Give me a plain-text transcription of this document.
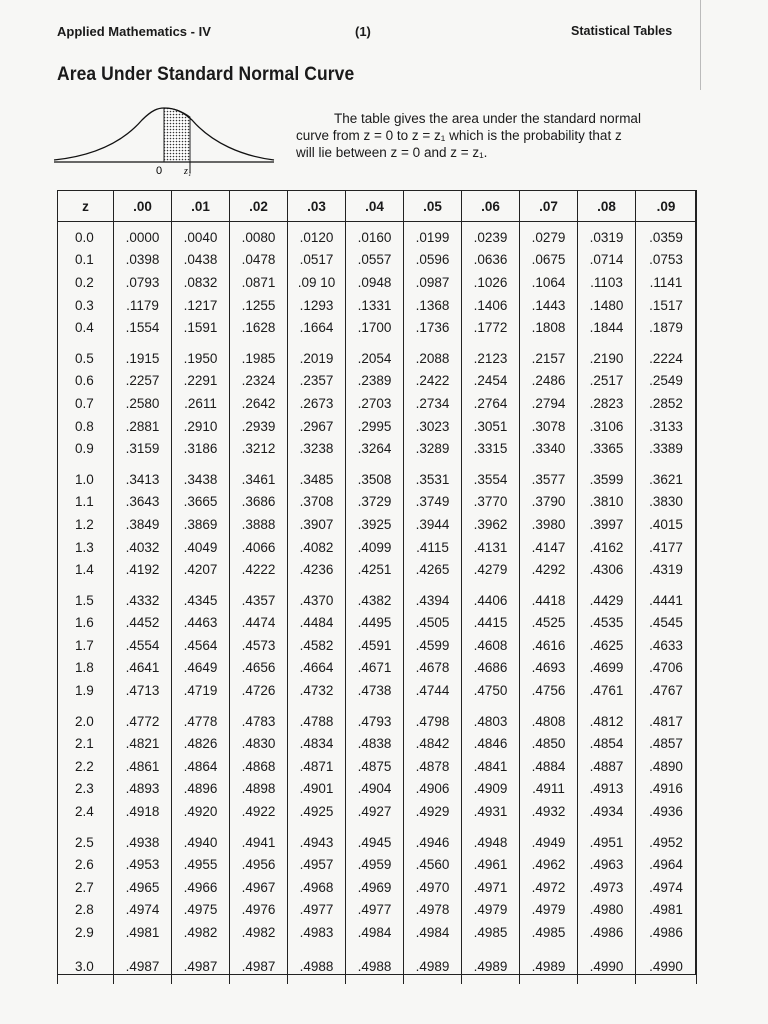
Applied Mathematics - IV	(1)	Statistical Tables
Area Under Standard Normal Curve
0 z₁
The table gives the area under the standard normal
curve from z = 0 to z = z₁ which is the probability that z
will lie between z = 0 and z = z₁.
z	.00	.01	.02	.03	.04	.05	.06	.07	.08	.09
0.0	.0000	.0040	.0080	.0120	.0160	.0199	.0239	.0279	.0319	.0359
0.1	.0398	.0438	.0478	.0517	.0557	.0596	.0636	.0675	.0714	.0753
0.2	.0793	.0832	.0871	.09 10	.0948	.0987	.1026	.1064	.1103	.1141
0.3	.1179	.1217	.1255	.1293	.1331	.1368	.1406	.1443	.1480	.1517
0.4	.1554	.1591	.1628	.1664	.1700	.1736	.1772	.1808	.1844	.1879
0.5	.1915	.1950	.1985	.2019	.2054	.2088	.2123	.2157	.2190	.2224
0.6	.2257	.2291	.2324	.2357	.2389	.2422	.2454	.2486	.2517	.2549
0.7	.2580	.2611	.2642	.2673	.2703	.2734	.2764	.2794	.2823	.2852
0.8	.2881	.2910	.2939	.2967	.2995	.3023	.3051	.3078	.3106	.3133
0.9	.3159	.3186	.3212	.3238	.3264	.3289	.3315	.3340	.3365	.3389
1.0	.3413	.3438	.3461	.3485	.3508	.3531	.3554	.3577	.3599	.3621
1.1	.3643	.3665	.3686	.3708	.3729	.3749	.3770	.3790	.3810	.3830
1.2	.3849	.3869	.3888	.3907	.3925	.3944	.3962	.3980	.3997	.4015
1.3	.4032	.4049	.4066	.4082	.4099	.4115	.4131	.4147	.4162	.4177
1.4	.4192	.4207	.4222	.4236	.4251	.4265	.4279	.4292	.4306	.4319
1.5	.4332	.4345	.4357	.4370	.4382	.4394	.4406	.4418	.4429	.4441
1.6	.4452	.4463	.4474	.4484	.4495	.4505	.4415	.4525	.4535	.4545
1.7	.4554	.4564	.4573	.4582	.4591	.4599	.4608	.4616	.4625	.4633
1.8	.4641	.4649	.4656	.4664	.4671	.4678	.4686	.4693	.4699	.4706
1.9	.4713	.4719	.4726	.4732	.4738	.4744	.4750	.4756	.4761	.4767
2.0	.4772	.4778	.4783	.4788	.4793	.4798	.4803	.4808	.4812	.4817
2.1	.4821	.4826	.4830	.4834	.4838	.4842	.4846	.4850	.4854	.4857
2.2	.4861	.4864	.4868	.4871	.4875	.4878	.4841	.4884	.4887	.4890
2.3	.4893	.4896	.4898	.4901	.4904	.4906	.4909	.4911	.4913	.4916
2.4	.4918	.4920	.4922	.4925	.4927	.4929	.4931	.4932	.4934	.4936
2.5	.4938	.4940	.4941	.4943	.4945	.4946	.4948	.4949	.4951	.4952
2.6	.4953	.4955	.4956	.4957	.4959	.4560	.4961	.4962	.4963	.4964
2.7	.4965	.4966	.4967	.4968	.4969	.4970	.4971	.4972	.4973	.4974
2.8	.4974	.4975	.4976	.4977	.4977	.4978	.4979	.4979	.4980	.4981
2.9	.4981	.4982	.4982	.4983	.4984	.4984	.4985	.4985	.4986	.4986
3.0	.4987	.4987	.4987	.4988	.4988	.4989	.4989	.4989	.4990	.4990
